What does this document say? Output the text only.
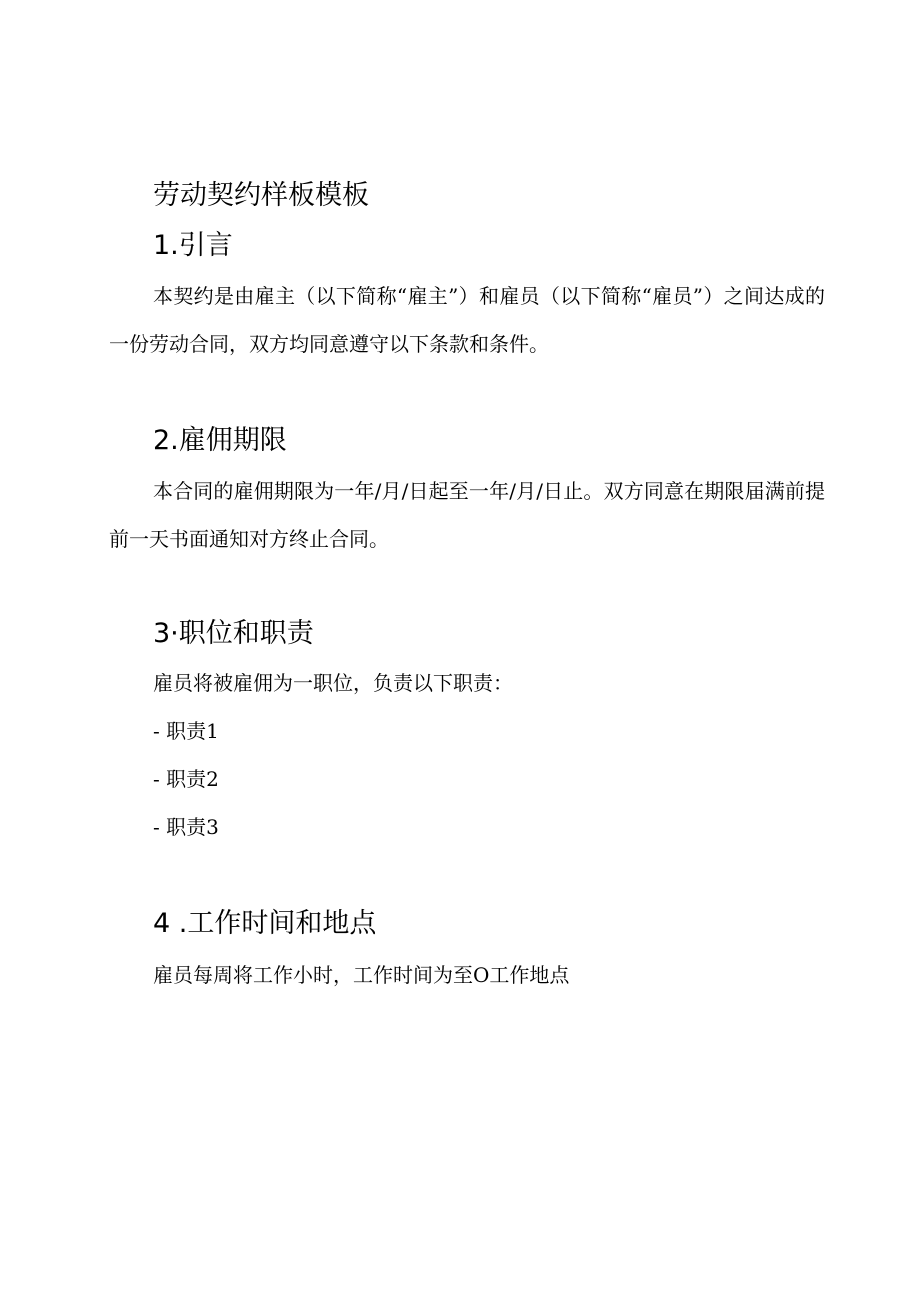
劳动契约样板模板
1.引言

本契约是由雇主（以下简称“雇主”）和雇员（以下简称“雇员”）之间达成的一份劳动合同，双方均同意遵守以下条款和条件。

2.雇佣期限

本合同的雇佣期限为一年/月/日起至一年/月/日止。双方同意在期限届满前提前一天书面通知对方终止合同。

3·职位和职责
雇员将被雇佣为一职位，负责以下职责：
- 职责1
- 职责2
- 职责3
4 .工作时间和地点
雇员每周将工作小时，工作时间为至O工作地点
